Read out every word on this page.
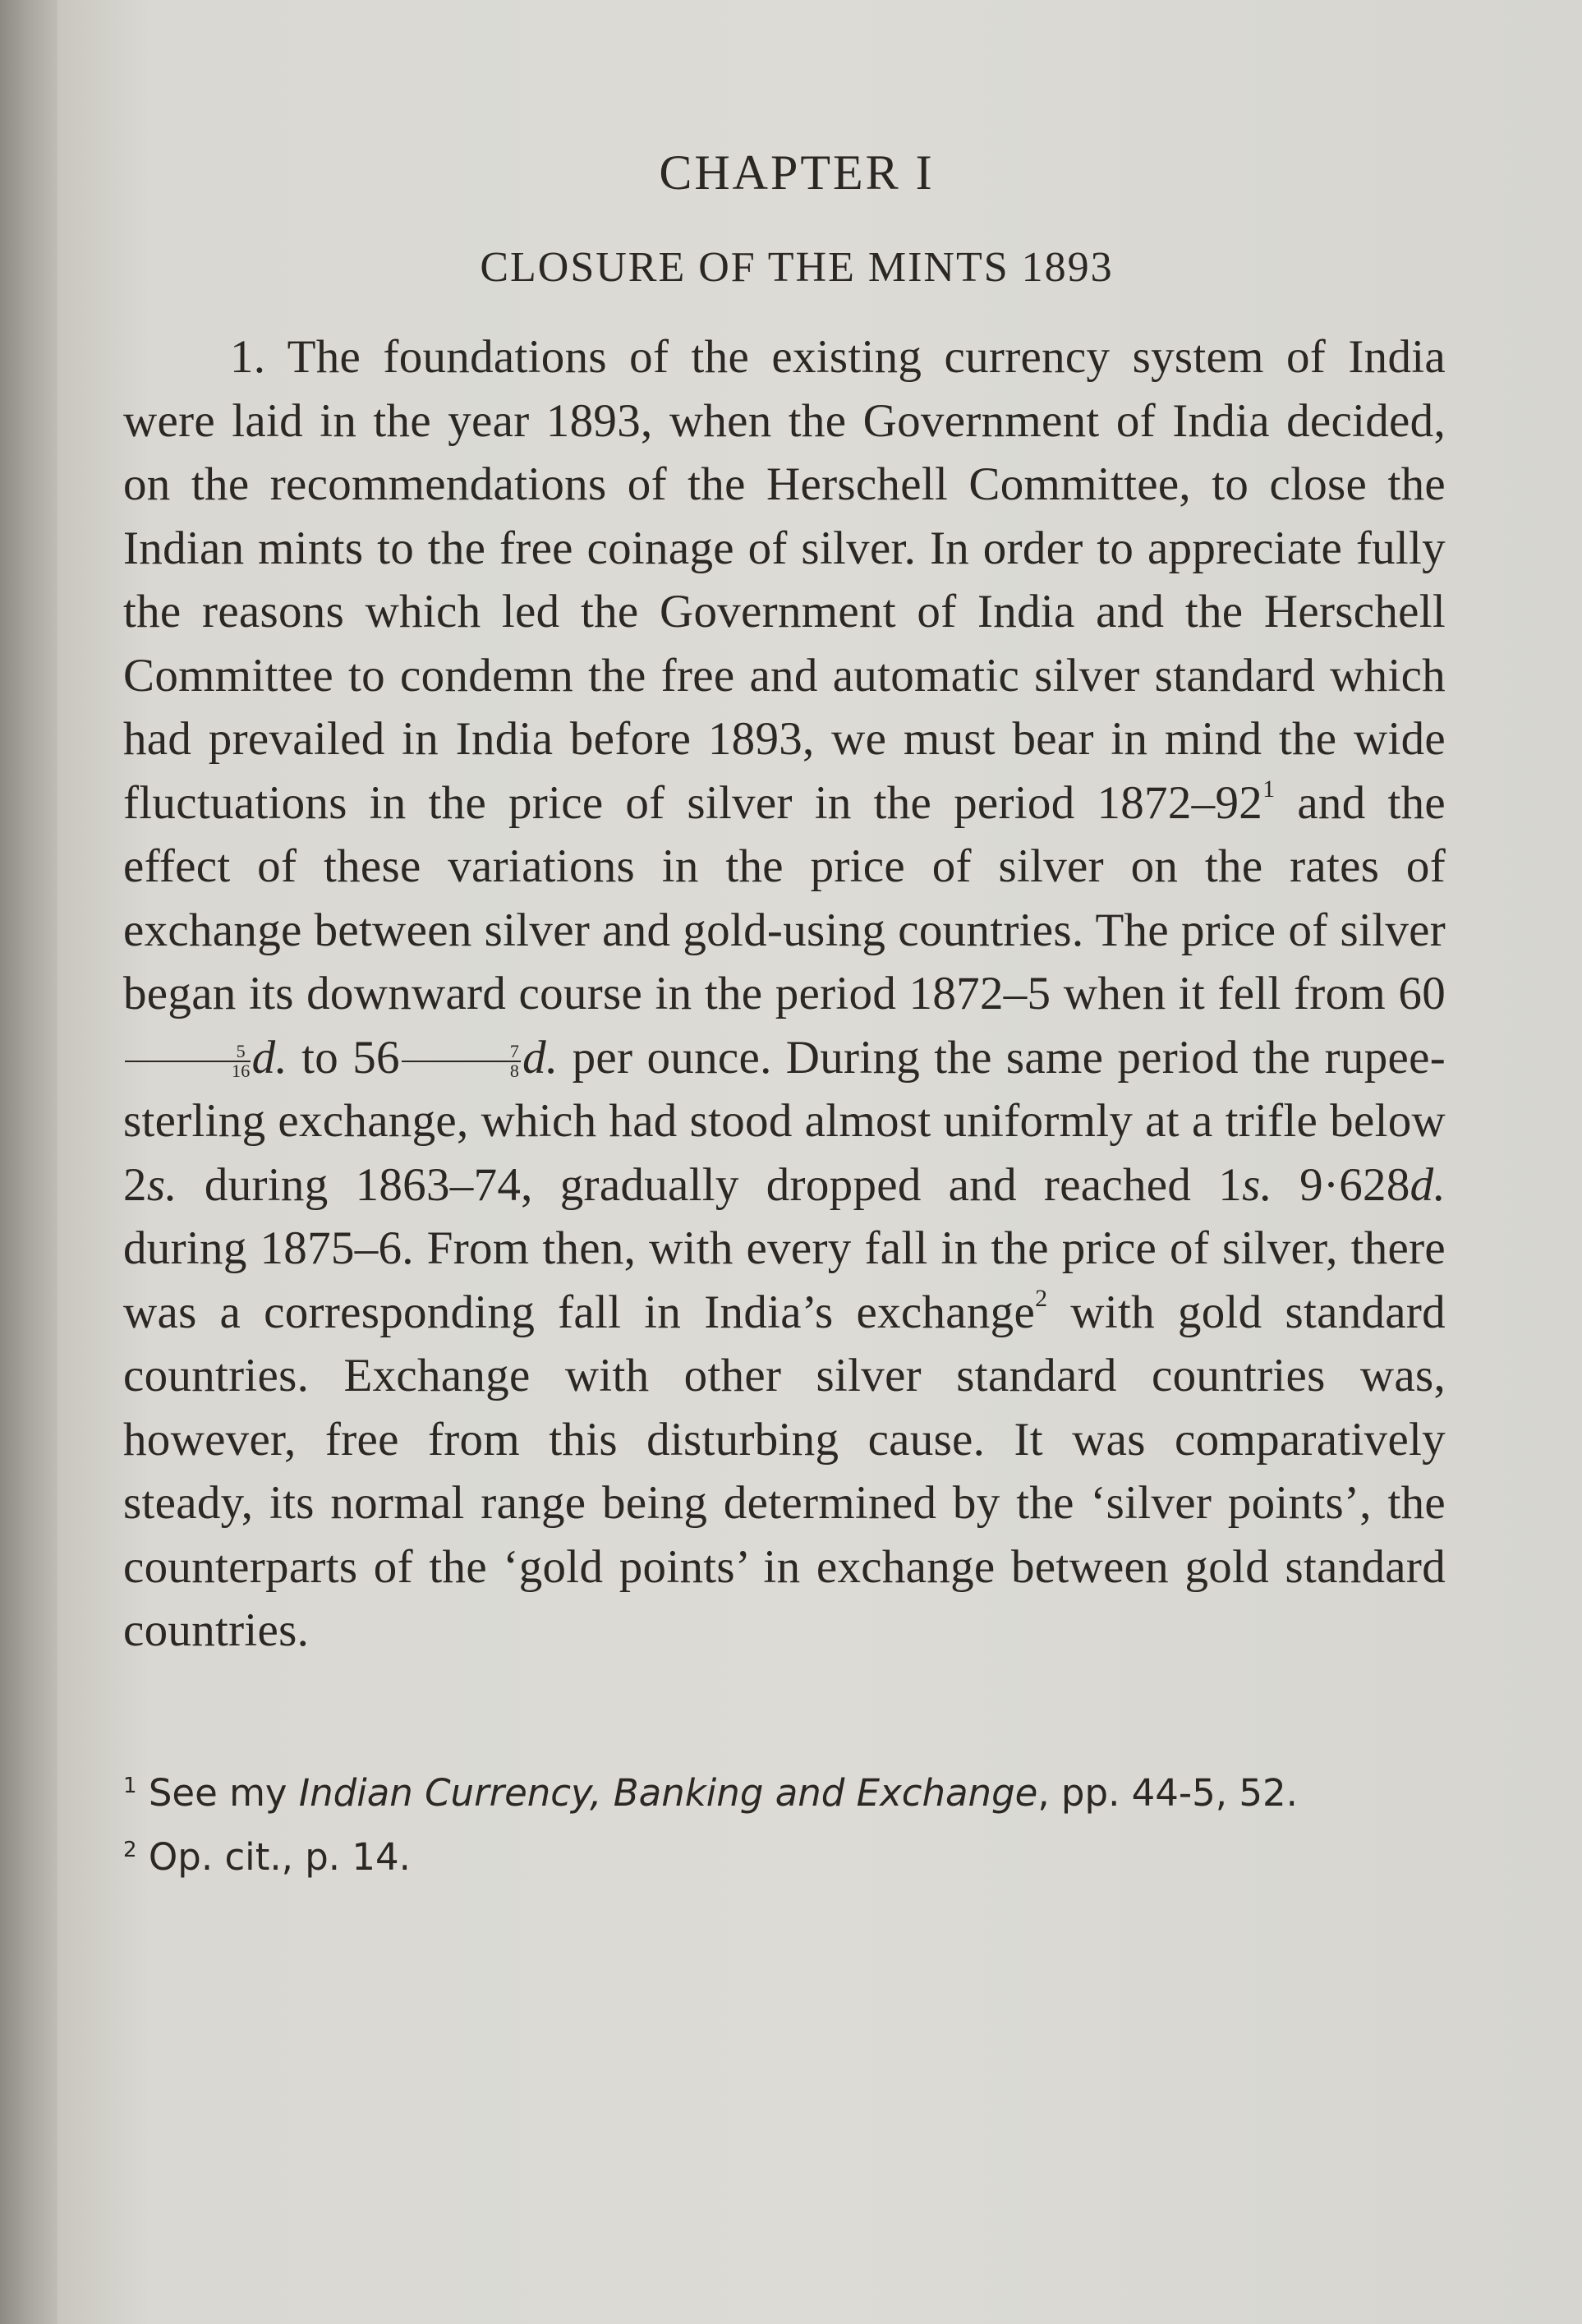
CHAPTER I
CLOSURE OF THE MINTS 1893

1. The foundations of the existing currency system of India were laid in the year 1893, when the Government of India decided, on the recommendations of the Herschell Committee, to close the Indian mints to the free coinage of silver. In order to appreciate fully the reasons which led the Government of India and the Herschell Committee to condemn the free and automatic silver standard which had prevailed in India before 1893, we must bear in mind the wide fluctuations in the price of silver in the period $1872-92^1$ and the effect of these variations in the price of silver on the rates of exchange between silver and gold-using countries. The price of silver began its downward course in the period 1872–5 when it fell from 60
$\frac{5}{16} d$. to $56 \frac{7}{8} d$. per ounce. During the same period the rupee-sterling exchange, which had stood almost uniformly at a trifle below 2s. during 1863–74, gradually dropped and reached 1s. 9·628d. during 1875–6. From then, with every fall in the price of silver, there was a corresponding fall in India’s exchange$^2$ with gold standard countries. Exchange with other silver standard countries was, however, free from this disturbing cause. It was comparatively steady, its normal range being determined by the ‘silver points’, the counterparts of the ‘gold points’ in exchange between gold standard countries.

$^1$ See my Indian Currency, Banking and Exchange, pp. 44-5, 52.

$^2$ Op. cit., p. 14.
